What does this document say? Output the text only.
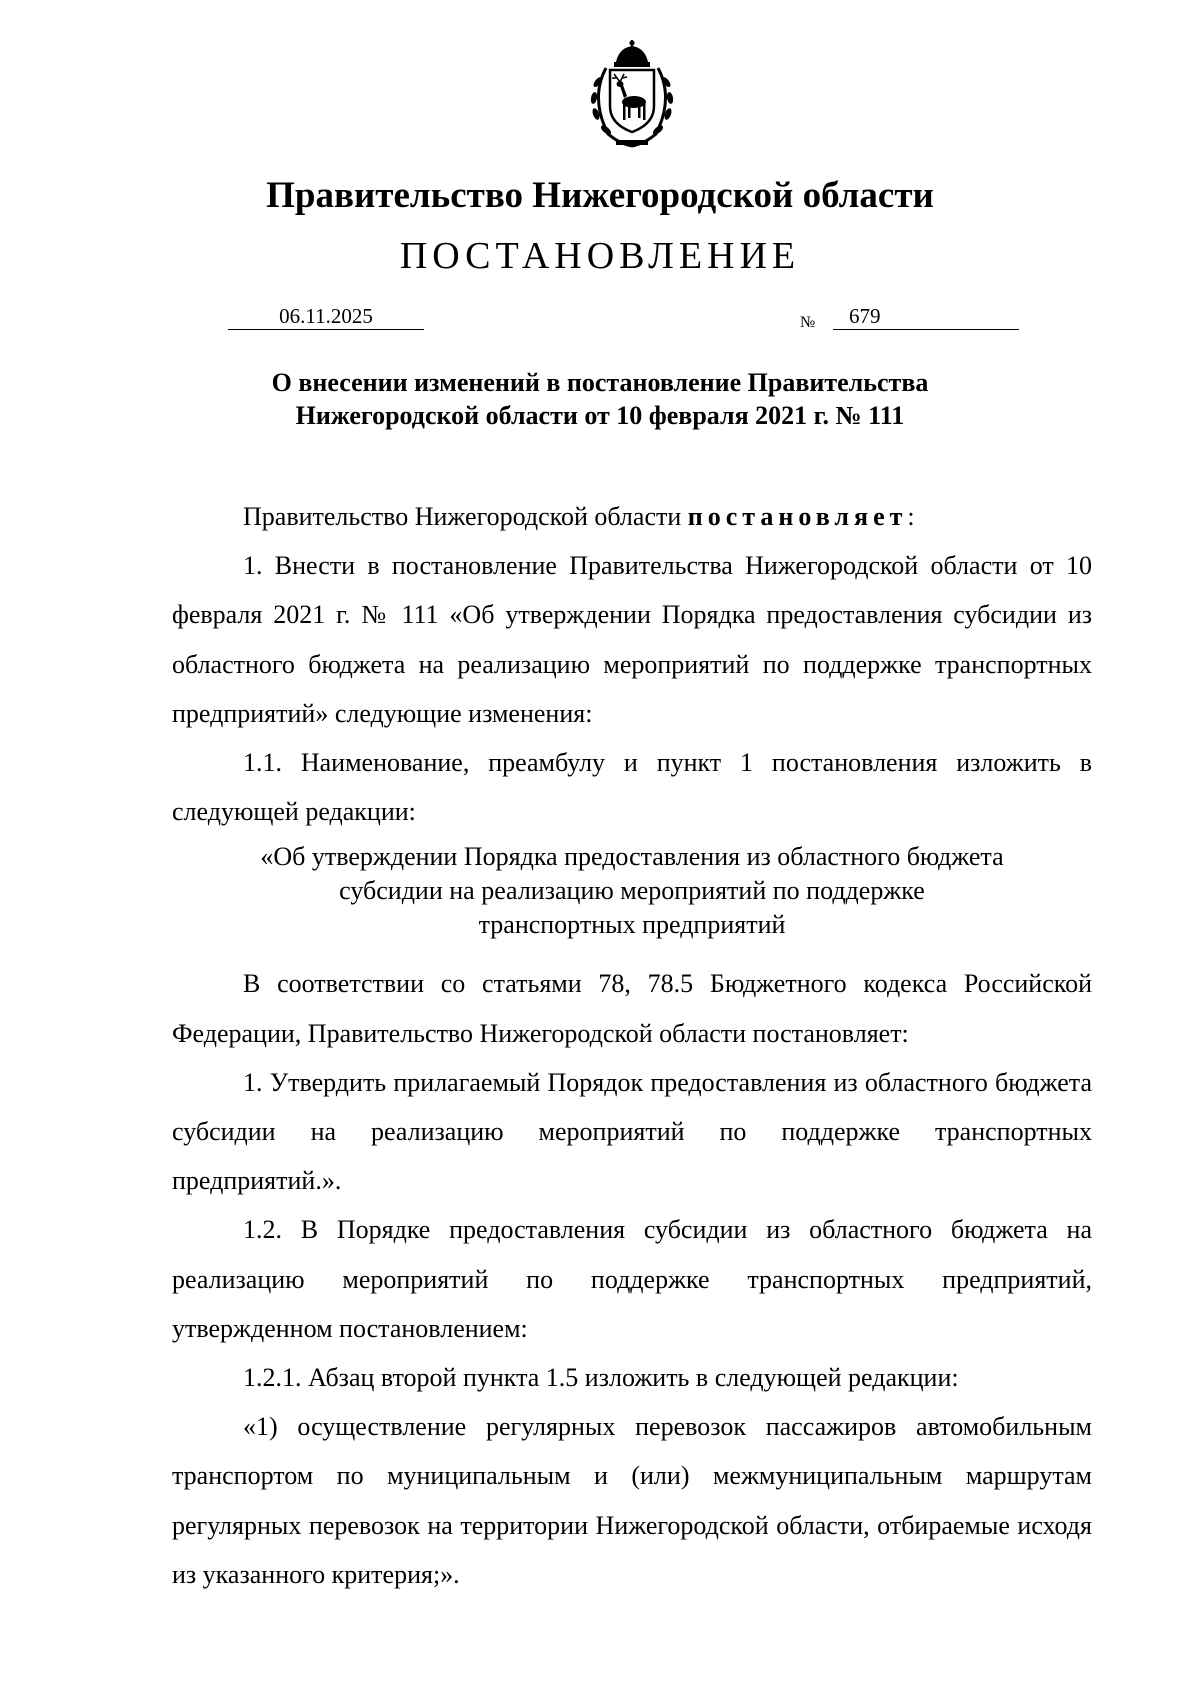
Правительство Нижегородской области
ПОСТАНОВЛЕНИЕ
06.11.2025	№	679
О внесении изменений в постановление Правительства
Нижегородской области от 10 февраля 2021 г. № 111

Правительство Нижегородской области постановляет:

1. Внести в постановление Правительства Нижегородской области от 10 февраля 2021 г. № 111 «Об утверждении Порядка предоставления субсидии из областного бюджета на реализацию мероприятий по поддержке транспортных предприятий» следующие изменения:

1.1. Наименование, преамбулу и пункт 1 постановления изложить в следующей редакции:

«Об утверждении Порядка предоставления из областного бюджета
субсидии на реализацию мероприятий по поддержке
транспортных предприятий

В соответствии со статьями 78, 78.5 Бюджетного кодекса Российской Федерации, Правительство Нижегородской области постановляет:

1. Утвердить прилагаемый Порядок предоставления из областного бюджета субсидии на реализацию мероприятий по поддержке транспортных предприятий.».

1.2. В Порядке предоставления субсидии из областного бюджета на реализацию мероприятий по поддержке транспортных предприятий, утвержденном постановлением:

1.2.1. Абзац второй пункта 1.5 изложить в следующей редакции:

«1) осуществление регулярных перевозок пассажиров автомобильным транспортом по муниципальным и (или) межмуниципальным маршрутам регулярных перевозок на территории Нижегородской области, отбираемые исходя из указанного критерия;».
